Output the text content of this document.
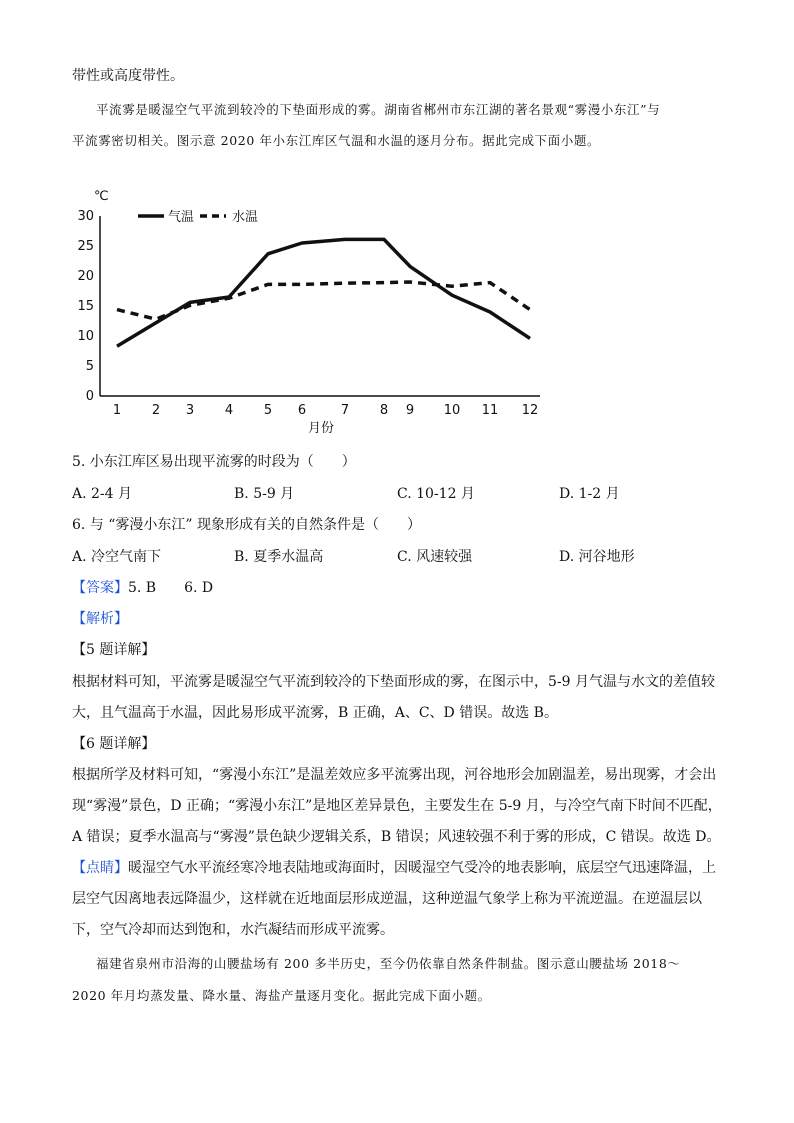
带性或高度带性。
平流雾是暖湿空气平流到较冷的下垫面形成的雾。湖南省郴州市东江湖的著名景观“雾漫小东江”与
平流雾密切相关。图示意 2020 年小东江库区气温和水温的逐月分布。据此完成下面小题。
℃
0
5
10
15
20
25
30
1 2 3 4 5 6	7 8 9 10 11 12
月份
气温	水温
5. 小东江库区易出现平流雾的时段为（　　）
A. 2-4 月	B. 5-9 月	C. 10-12 月	D. 1-2 月
6. 与 “雾漫小东江” 现象形成有关的自然条件是（　　）
A. 冷空气南下	B. 夏季水温高	C. 风速较强	D. 河谷地形
【答案】5. B　　6. D
【解析】
【5 题详解】
根据材料可知，平流雾是暖湿空气平流到较冷的下垫面形成的雾，在图示中，5-9 月气温与水文的差值较
大，且气温高于水温，因此易形成平流雾，B 正确，A、C、D 错误。故选 B。
【6 题详解】
根据所学及材料可知，“雾漫小东江”是温差效应多平流雾出现，河谷地形会加剧温差，易出现雾，才会出
现“雾漫”景色，D 正确；“雾漫小东江”是地区差异景色，主要发生在 5-9 月，与冷空气南下时间不匹配，
A 错误；夏季水温高与“雾漫”景色缺少逻辑关系，B 错误；风速较强不利于雾的形成，C 错误。故选 D。
【点睛】暖湿空气水平流经寒冷地表陆地或海面时，因暖湿空气受冷的地表影响，底层空气迅速降温，上
层空气因离地表远降温少，这样就在近地面层形成逆温，这种逆温气象学上称为平流逆温。在逆温层以
下，空气冷却而达到饱和，水汽凝结而形成平流雾。
福建省泉州市沿海的山腰盐场有 200 多半历史，至今仍依靠自然条件制盐。图示意山腰盐场 2018～
2020 年月均蒸发量、降水量、海盐产量逐月变化。据此完成下面小题。
